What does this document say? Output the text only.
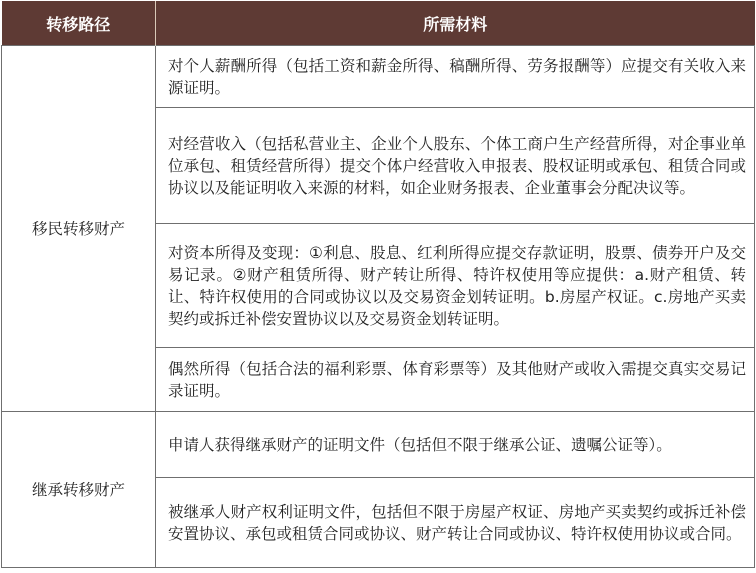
转移路径	所需材料
移民转移财产	对个人薪酬所得（包括工资和薪金所得、稿酬所得、劳务报酬等）应提交有关收入来源证明。
	对经营收入（包括私营业主、企业个人股东、个体工商户生产经营所得，对企事业单位承包、租赁经营所得）提交个体户经营收入申报表、股权证明或承包、租赁合同或协议以及能证明收入来源的材料，如企业财务报表、企业董事会分配决议等。
	对资本所得及变现：①利息、股息、红利所得应提交存款证明，股票、债券开户及交易记录。②财产租赁所得、财产转让所得、特许权使用等应提供：a.财产租赁、转让、特许权使用的合同或协议以及交易资金划转证明。b.房屋产权证。c.房地产买卖契约或拆迁补偿安置协议以及交易资金划转证明。
	偶然所得（包括合法的福利彩票、体育彩票等）及其他财产或收入需提交真实交易记录证明。
继承转移财产	申请人获得继承财产的证明文件（包括但不限于继承公证、遗嘱公证等）。
	被继承人财产权利证明文件，包括但不限于房屋产权证、房地产买卖契约或拆迁补偿安置协议、承包或租赁合同或协议、财产转让合同或协议、特许权使用协议或合同。
